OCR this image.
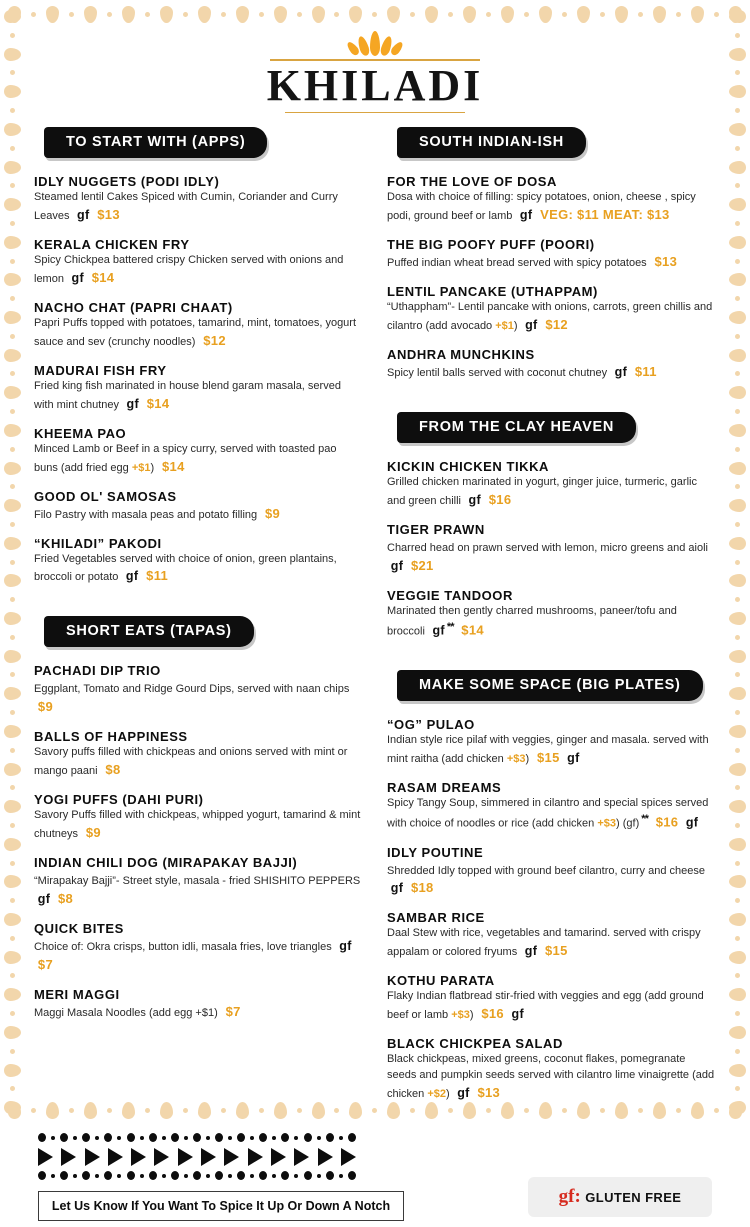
KHILADI
TO START WITH (APPS)
IDLY NUGGETS (PODI IDLY)
Steamed lentil Cakes Spiced with Cumin, Coriander and Curry Leaves  gf  $13
KERALA CHICKEN FRY
Spicy Chickpea battered crispy Chicken served with onions and lemon  gf  $14
NACHO CHAT (PAPRI CHAAT)
Papri Puffs topped with potatoes, tamarind, mint, tomatoes, yogurt sauce and sev (crunchy noodles)  $12
MADURAI FISH FRY
Fried king fish marinated in house blend garam masala, served with mint chutney  gf  $14
KHEEMA PAO
Minced Lamb or Beef in a spicy curry, served with toasted pao buns (add fried egg +$1)  $14
GOOD OL' SAMOSAS
Filo Pastry with masala peas and potato filling  $9
“KHILADI” PAKODI
Fried Vegetables served with choice of onion, green plantains, broccoli or potato  gf  $11
SHORT EATS (TAPAS)
PACHADI DIP TRIO
Eggplant, Tomato and Ridge Gourd Dips, served with naan chips  $9
BALLS OF HAPPINESS
Savory puffs filled with chickpeas and onions served with mint or mango paani  $8
YOGI PUFFS (DAHI PURI)
Savory Puffs filled with chickpeas, whipped yogurt, tamarind & mint chutneys  $9
INDIAN CHILI DOG (MIRAPAKAY BAJJI)
“Mirapakay Bajji”- Street style, masala - fried SHISHITO PEPPERS  gf  $8
QUICK BITES
Choice of: Okra crisps, button idli, masala fries, love triangles  gf  $7
MERI MAGGI
Maggi Masala Noodles (add egg +$1)  $7
SOUTH INDIAN-ISH
FOR THE LOVE OF DOSA
Dosa with choice of filling: spicy potatoes, onion, cheese , spicy podi, ground beef or lamb  gf  VEG: $11 MEAT: $13
THE BIG POOFY PUFF (POORI)
Puffed indian wheat bread served with spicy potatoes  $13
LENTIL PANCAKE (UTHAPPAM)
“Uthappham”- Lentil pancake with onions, carrots, green chillis and cilantro (add avocado +$1)  gf  $12
ANDHRA MUNCHKINS
Spicy lentil balls served with coconut chutney  gf  $11
FROM THE CLAY HEAVEN
KICKIN CHICKEN TIKKA
Grilled chicken marinated in yogurt, ginger juice, turmeric, garlic and green chilli  gf  $16
TIGER PRAWN
Charred head on prawn served with lemon, micro greens and aioli  gf  $21
VEGGIE TANDOOR
Marinated then gently charred mushrooms, paneer/tofu and broccoli  gf **  $14
MAKE SOME SPACE (BIG PLATES)
“OG” PULAO
Indian style rice pilaf with veggies, ginger and masala. served with mint raitha (add chicken +$3)  $15  gf
RASAM DREAMS
Spicy Tangy Soup, simmered in cilantro and special spices served with choice of noodles or rice (add chicken +$3) (gf) **  $16  gf
IDLY POUTINE
Shredded Idly topped with ground beef cilantro, curry and cheese  gf  $18
SAMBAR RICE
Daal Stew with rice, vegetables and tamarind. served with crispy appalam or colored fryums  gf  $15
KOTHU PARATA
Flaky Indian flatbread stir-fried with veggies and egg (add ground beef or lamb +$3)  $16  gf
BLACK CHICKPEA SALAD
Black chickpeas, mixed greens, coconut flakes, pomegranate seeds and pumpkin seeds served with cilantro lime vinaigrette (add chicken +$2)  gf  $13
Let Us Know If You Want To Spice It Up Or Down A Notch	gf: GLUTEN FREE
